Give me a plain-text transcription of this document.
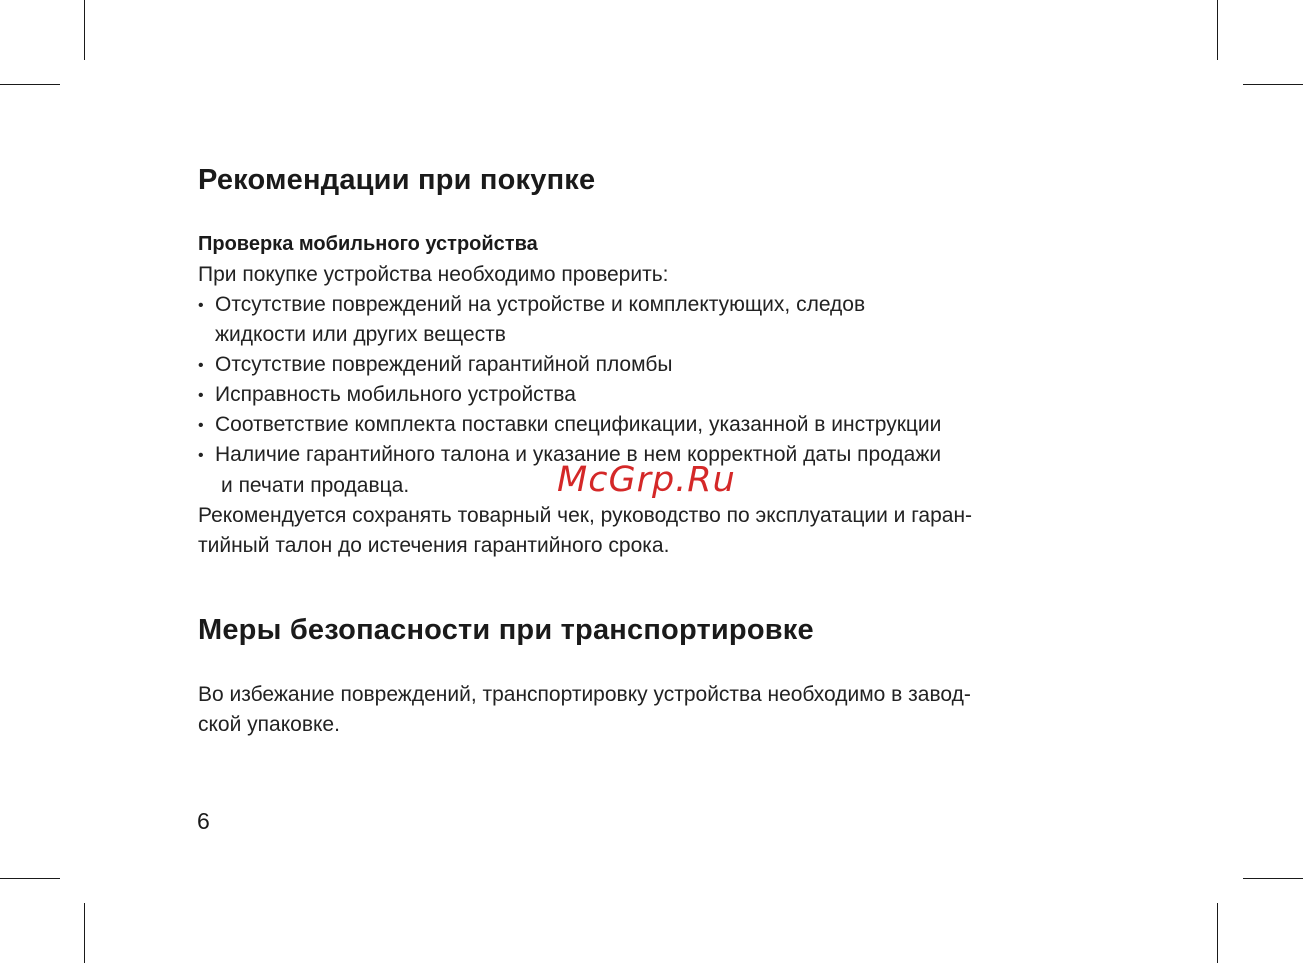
Рекомендации при покупке
Проверка мобильного устройства
При покупке устройства необходимо проверить:
• Отсутствие повреждений на устройстве и комплектующих, следов
жидкости или других веществ
• Отсутствие повреждений гарантийной пломбы
• Исправность мобильного устройства
• Соответствие комплекта поставки спецификации, указанной в инструкции
• Наличие гарантийного талона и указание в нем корректной даты продажи
и печати продавца.
Рекомендуется сохранять товарный чек, руководство по эксплуатации и гаран-
тийный талон до истечения гарантийного срока.
Меры безопасности при транспортировке
Во избежание повреждений, транспортировку устройства необходимо в завод-
ской упаковке.
McGrp.Ru
6
